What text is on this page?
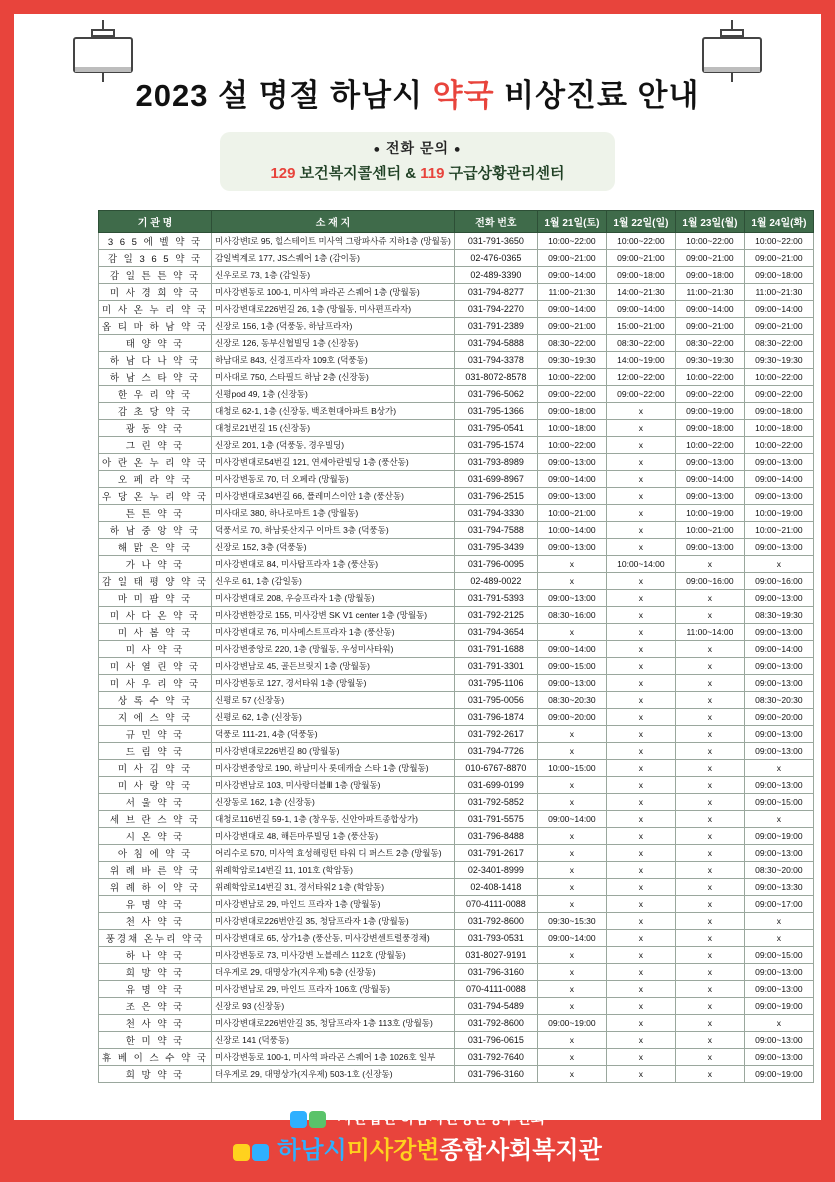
2023 설 명절 하남시 약국 비상진료 안내
● 전화 문의 ●
129 보건복지콜센터 & 119 구급상황관리센터
기 관 명	소 재 지	전화 번호	1월 21일(토)	1월 22일(일)	1월 23일(월)	1월 24일(화)
3 6 5 에 벨 약 국	미사강변î로 95, 힐스테이트 미사역 그랑파사쥬 지하1층 (망월동)	031-791-3650	10:00~22:00	10:00~22:00	10:00~22:00	10:00~22:00
감 일 3 6 5 약 국	감일벽계로 177, JS스퀘어 1층 (감이동)	02-476-0365	09:00~21:00	09:00~21:00	09:00~21:00	09:00~21:00
감 일 튼 튼 약 국	신우로로 73, 1층 (감일동)	02-489-3390	09:00~14:00	09:00~18:00	09:00~18:00	09:00~18:00
미 사 경 희 약 국	미사강변동로 100-1, 미사역 파라곤 스퀘어 1층 (망월동)	031-794-8277	11:00~21:30	14:00~21:30	11:00~21:30	11:00~21:30
미 사 온 누 리 약 국	미사강변대로226번길 26, 1층 (망월동, 미사편프라자)	031-794-2270	09:00~14:00	09:00~14:00	09:00~14:00	09:00~14:00
옵 티 마 하 남 약 국	신장로 156, 1층 (덕풍동, 하남프라자)	031-791-2389	09:00~21:00	15:00~21:00	09:00~21:00	09:00~21:00
태 양 약 국	신장로 126, 동부신협빌딩 1층 (신장동)	031-794-5888	08:30~22:00	08:30~22:00	08:30~22:00	08:30~22:00
하 남 다 나 약 국	하남대로 843, 신경프라자 109호 (덕풍동)	031-794-3378	09:30~19:30	14:00~19:00	09:30~19:30	09:30~19:30
하 남 스 타 약 국	미사대로 750, 스타필드 하남 2층 (신장동)	031-8072-8578	10:00~22:00	12:00~22:00	10:00~22:00	10:00~22:00
한 우 리 약 국	신평роd 49, 1층 (신장동)	031-796-5062	09:00~22:00	09:00~22:00	09:00~22:00	09:00~22:00
감 초 당 약 국	대청로 62-1, 1층 (신장동, 백조현대아파트 B상가)	031-795-1366	09:00~18:00	x	09:00~19:00	09:00~18:00
광 동 약 국	대청로21번길 15 (신장동)	031-795-0541	10:00~18:00	x	09:00~18:00	10:00~18:00
그 린 약 국	신장로 201, 1층 (덕풍동, 경우빌딩)	031-795-1574	10:00~22:00	x	10:00~22:00	10:00~22:00
아 란 온 누 리 약 국	미사강변대로54번길 121, 연세아란빌딩 1층 (풍산동)	031-793-8989	09:00~13:00	x	09:00~13:00	09:00~13:00
오 페 라 약 국	미사강변동로 70, 더 오페라 (망월동)	031-699-8967	09:00~14:00	x	09:00~14:00	09:00~14:00
우 당 온 누 리 약 국	미사강변대로34번길 66, 폴레미스이안 1층 (풍산동)	031-796-2515	09:00~13:00	x	09:00~13:00	09:00~13:00
튼 튼 약 국	미사대로 380, 하나로마트 1층 (망월동)	031-794-3330	10:00~21:00	x	10:00~19:00	10:00~19:00
하 남 중 앙 약 국	덕풍서로 70, 하남롯산지구 이마트 3층 (덕풍동)	031-794-7588	10:00~14:00	x	10:00~21:00	10:00~21:00
해 맑 은 약 국	신장로 152, 3층 (덕풍동)	031-795-3439	09:00~13:00	x	09:00~13:00	09:00~13:00
가 나 약 국	미사강변대로 84, 미사탑프라자 1층 (풍산동)	031-796-0095	x	10:00~14:00	x	x
감 일 태 평 양 약 국	신우로 61, 1층 (감일동)	02-489-0022	x	x	09:00~16:00	09:00~16:00
마 미 팜 약 국	미사강변대로 208, 우승프라자 1층 (망월동)	031-791-5393	09:00~13:00	x	x	09:00~13:00
미 사 다 온 약 국	미사강변한강로 155, 미사강변 SK V1 center 1층 (망월동)	031-792-2125	08:30~16:00	x	x	08:30~19:30
미 사 봄 약 국	미사강변대로 76, 미사메스트프라자 1층 (풍산동)	031-794-3654	x	x	11:00~14:00	09:00~13:00
미 사 약 국	미사강변중앙로 220, 1층 (망월동, 우성미사타워)	031-791-1688	09:00~14:00	x	x	09:00~14:00
미 사 열 린 약 국	미사강변남로 45, 골든브릿지 1층 (망월동)	031-791-3301	09:00~15:00	x	x	09:00~13:00
미 사 우 리 약 국	미사강변동로 127, 경서타워 1층 (망월동)	031-795-1106	09:00~13:00	x	x	09:00~13:00
상 록 수 약 국	신평로 57 (신장동)	031-795-0056	08:30~20:30	x	x	08:30~20:30
지 에 스 약 국	신평로 62, 1층 (신장동)	031-796-1874	09:00~20:00	x	x	09:00~20:00
규 민 약 국	덕풍로 111-21, 4층 (덕풍동)	031-792-2617	x	x	x	09:00~13:00
드 림 약 국	미사강변대로226번길 80 (망월동)	031-794-7726	x	x	x	09:00~13:00
미 사 김 약 국	미사강변중앙로 190, 하남미사 롯데캐슬 스타 1층 (망월동)	010-6767-8870	10:00~15:00	x	x	x
미 사 랑 약 국	미사강변남로 103, 미사랑더블Ⅲ 1층 (망월동)	031-699-0199	x	x	x	09:00~13:00
서 울 약 국	신장동로 162, 1층 (신장동)	031-792-5852	x	x	x	09:00~15:00
세 브 란 스 약 국	대청로116번길 59-1, 1층 (창우동, 신안아파트종합상가)	031-791-5575	09:00~14:00	x	x	x
시 온 약 국	미사강변대로 48, 해든마루빌딩 1층 (풍산동)	031-796-8488	x	x	x	09:00~19:00
아 침 에 약 국	어리수로 570, 미사역 효성해링턴 타워 디 퍼스트 2층 (망월동)	031-791-2617	x	x	x	09:00~13:00
위 례 바 른 약 국	위례학암로14번길 11, 101호 (학암동)	02-3401-8999	x	x	x	08:30~20:00
위 례 하 이 약 국	위례학암로14번길 31, 경서타워2 1층 (학암동)	02-408-1418	x	x	x	09:00~13:30
유 명 약 국	미사강변남로 29, 마인드 프라자 1층 (망월동)	070-4111-0088	x	x	x	09:00~17:00
천 사 약 국	미사강변대로226번안길 35, 청담프라자 1층 (망월동)	031-792-8600	09:30~15:30	x	x	x
풍경채 온누리 약국	미사강변대로 65, 상가1층 (풍산동, 미사강변센트럴풍경채)	031-793-0531	09:00~14:00	x	x	x
하 나 약 국	미사강변동로 73, 미사강변 노블레스 112호 (망월동)	031-8027-9191	x	x	x	09:00~15:00
희 망 약 국	더우게로 29, 대명상가(지우제) 5층 (신장동)	031-796-3160	x	x	x	09:00~13:00
유 명 약 국	미사강변남로 29, 마인드 프라자 106호 (망월동)	070-4111-0088	x	x	x	09:00~13:00
조 은 약 국	신장로 93 (신장동)	031-794-5489	x	x	x	09:00~19:00
천 사 약 국	미사강변대로226번안길 35, 청담프라자 1층 113호 (망월동)	031-792-8600	09:00~19:00	x	x	x
한 미 약 국	신장로 141 (덕풍동)	031-796-0615	x	x	x	09:00~13:00
휴 베 이 스 수 약 국	미사강변동로 100-1, 미사역 파라곤 스퀘어 1층 1026호 일부	031-792-7640	x	x	x	09:00~13:00
희 망 약 국	더우게로 29, 대명상가(지우제) 503-1호 (신장동)	031-796-3160	x	x	x	09:00~19:00
사단법인 하남시민생안정후원회
하남시미사강변종합사회복지관
